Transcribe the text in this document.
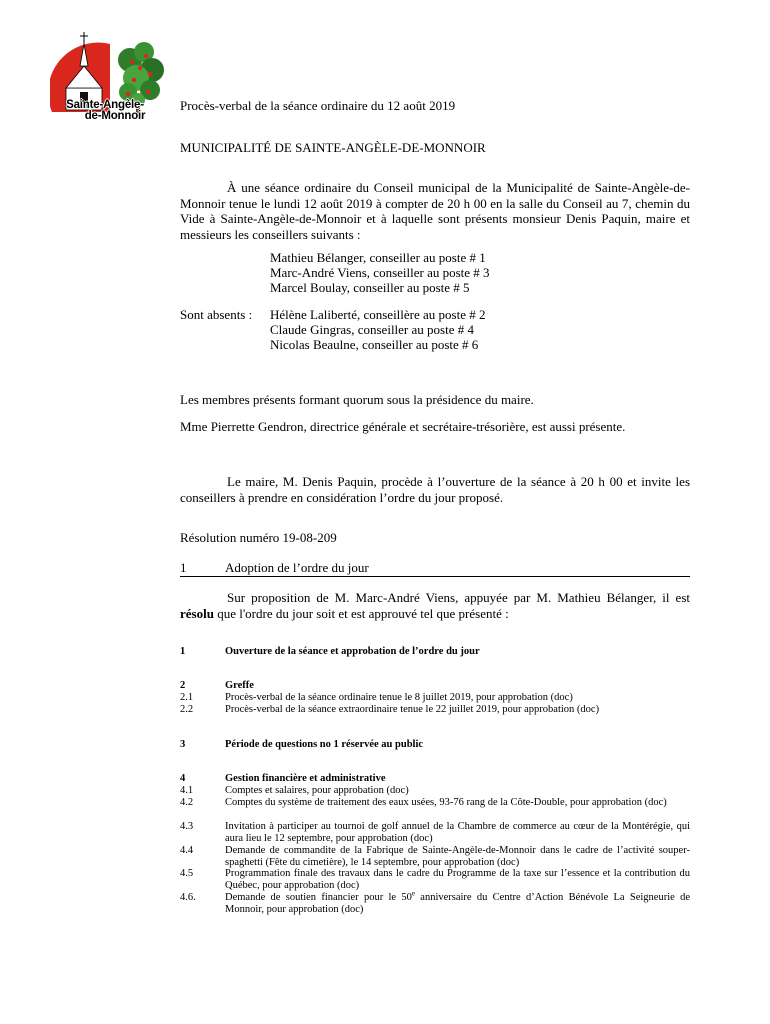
Sainte-Angèle-
de-Monnoir
Procès-verbal de la séance ordinaire du 12 août 2019
MUNICIPALITÉ DE SAINTE-ANGÈLE-DE-MONNOIR
À une séance ordinaire du Conseil municipal de la Municipalité de Sainte-Angèle-de-Monnoir tenue le lundi 12 août 2019 à compter de 20 h 00 en la salle du Conseil au 7, chemin du Vide à Sainte-Angèle-de-Monnoir et à laquelle sont présents monsieur Denis Paquin, maire et messieurs les conseillers suivants :
Mathieu Bélanger, conseiller au poste # 1
Marc-André Viens, conseiller au poste # 3
Marcel Boulay, conseiller au poste # 5
Sont absents : Hélène Laliberté, conseillère au poste # 2
Claude Gingras, conseiller au poste # 4
Nicolas Beaulne, conseiller au poste # 6
Les membres présents formant quorum sous la présidence du maire.
Mme Pierrette Gendron, directrice générale et secrétaire-trésorière, est aussi présente.
Le maire, M. Denis Paquin, procède à l’ouverture de la séance à 20 h 00 et invite les conseillers à prendre en considération l’ordre du jour proposé.
Résolution numéro 19-08-209
1	Adoption de l’ordre du jour
Sur proposition de M. Marc-André Viens, appuyée par M. Mathieu Bélanger, il est résolu que l'ordre du jour soit et est approuvé tel que présenté :
1	Ouverture de la séance et approbation de l’ordre du jour
2	Greffe
2.1	Procès-verbal de la séance ordinaire tenue le 8 juillet 2019, pour approbation (doc)
2.2	Procès-verbal de la séance extraordinaire tenue le 22 juillet 2019, pour approbation (doc)
3	Période de questions no 1 réservée au public
4	Gestion financière et administrative
4.1	Comptes et salaires, pour approbation (doc)
4.2	Comptes du système de traitement des eaux usées, 93-76 rang de la Côte-Double, pour approbation (doc)
4.3	Invitation à participer au tournoi de golf annuel de la Chambre de commerce au cœur de la Montérégie, qui aura lieu le 12 septembre, pour approbation (doc)
4.4	Demande de commandite de la Fabrique de Sainte-Angèle-de-Monnoir dans le cadre de l’activité souper-spaghetti (Fête du cimetière), le 14 septembre, pour approbation (doc)
4.5	Programmation finale des travaux dans le cadre du Programme de la taxe sur l’essence et la contribution du Québec, pour approbation (doc)
4.6.	Demande de soutien financier pour le 50e anniversaire du Centre d’Action Bénévole La Seigneurie de Monnoir, pour approbation (doc)
